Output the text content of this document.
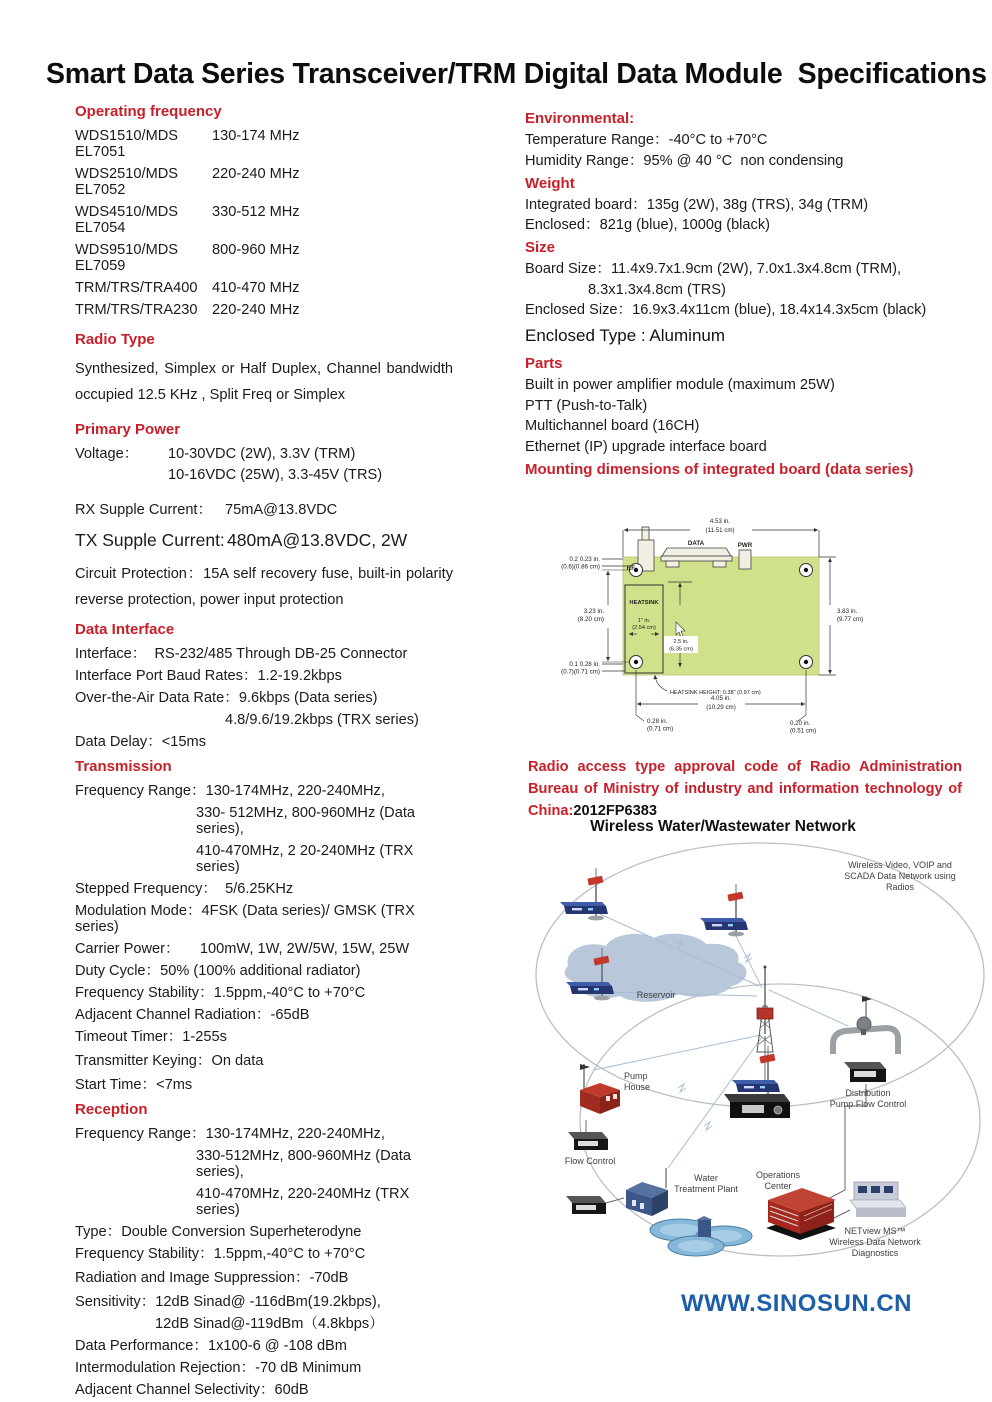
Smart Data Series Transceiver/TRM Digital Data Module  Specifications
Operating frequency
WDS1510/MDS EL7051
130-174 MHz
WDS2510/MDS EL7052
220-240 MHz
WDS4510/MDS EL7054
330-512 MHz
WDS9510/MDS EL7059
800-960 MHz
TRM/TRS/TRA400 410-470 MHz
TRM/TRS/TRA230 220-240 MHz
Radio Type
Synthesized, Simplex or Half Duplex, Channel bandwidth occupied 12.5 KHz , Split Freq or Simplex
Primary Power
Voltage：	10-30VDC (2W), 3.3V (TRM)
10-16VDC (25W), 3.3-45V (TRS)
RX Supple Current： 75mA@13.8VDC
TX Supple Current: 480mA@13.8VDC, 2W
Circuit Protection：15A self recovery fuse, built-in polarity reverse protection, power input protection
Data Interface
Interface：  RS-232/485 Through DB-25 Connector
Interface Port Baud Rates：1.2-19.2kbps
Over-the-Air Data Rate：9.6kbps (Data series)
4.8/9.6/19.2kbps (TRX series)
Data Delay：<15ms
Transmission
Frequency Range：130-174MHz, 220-240MHz,
330- 512MHz, 800-960MHz (Data series),
410-470MHz, 2 20-240MHz (TRX series)
Stepped Frequency：  5/6.25KHz
Modulation Mode：4FSK (Data series)/ GMSK (TRX series)
Carrier Power：     100mW, 1W, 2W/5W, 15W, 25W
Duty Cycle：50% (100% additional radiator)
Frequency Stability：1.5ppm,-40°C to +70°C
Adjacent Channel Radiation：-65dB
Timeout Timer：1-255s
Transmitter Keying：On data
Start Time：<7ms
Reception
Frequency Range：130-174MHz, 220-240MHz,
330-512MHz, 800-960MHz (Data series),
410-470MHz, 220-240MHz (TRX series)
Type：Double Conversion Superheterodyne
Frequency Stability：1.5ppm,-40°C to +70°C
Radiation and Image Suppression：-70dB
Sensitivity：12dB Sinad@ -116dBm(19.2kbps),
12dB Sinad@-119dBm（4.8kbps）
Data Performance：1x100-6 @ -108 dBm
Intermodulation Rejection：-70 dB Minimum
Adjacent Channel Selectivity：60dB
Environmental:
Temperature Range：-40°C to +70°C
Humidity Range：95% @ 40 °C  non condensing
Weight
Integrated board：135g (2W), 38g (TRS), 34g (TRM)
Enclosed：821g (blue), 1000g (black)
Size
Board Size：11.4x9.7x1.9cm (2W), 7.0x1.3x4.8cm (TRM),
8.3x1.3x4.8cm (TRS)
Enclosed Size：16.9x3.4x11cm (blue), 18.4x14.3x5cm (black)
Enclosed Type : Aluminum
Parts
Built in power amplifier module (maximum 25W)
PTT (Push-to-Talk)
Multichannel board (16CH)
Ethernet (IP) upgrade interface board
Mounting dimensions of integrated board (data series)
4.53 in.
(11.51 cm)
RF
DATA	PWR
0.2 0.23 in.
(0.6)(0.86 cm)
3.23 in.
(8.20 cm)
HEATSINK
1" in.
(2.54 cm)
2.5 in.
(6.35 cm)
3.83 in.
(9.77 cm)
0.1 0.28 in.
(0.7)(0.71 cm)
HEATSINK HEIGHT: 0.38" (0.97 cm)
4.05 in.
(10.29 cm)
0.28 in.
(0.71 cm)
0.20 in.
(0.51 cm)

Radio access type approval code of Radio Administration Bureau of Ministry of industry and information technology of China:2012FP6383

Wireless Water/Wastewater Network
Wireless Video, VOIP and
SCADA Data Network using
Radios
Reservoir
Pump
House
Flow Control
Water
Treatment Plant
Operations
Center
Distribution
Pump Flow Control
NETview MS™
Wireless Data Network
Diagnostics
WWW.SINOSUN.CN
